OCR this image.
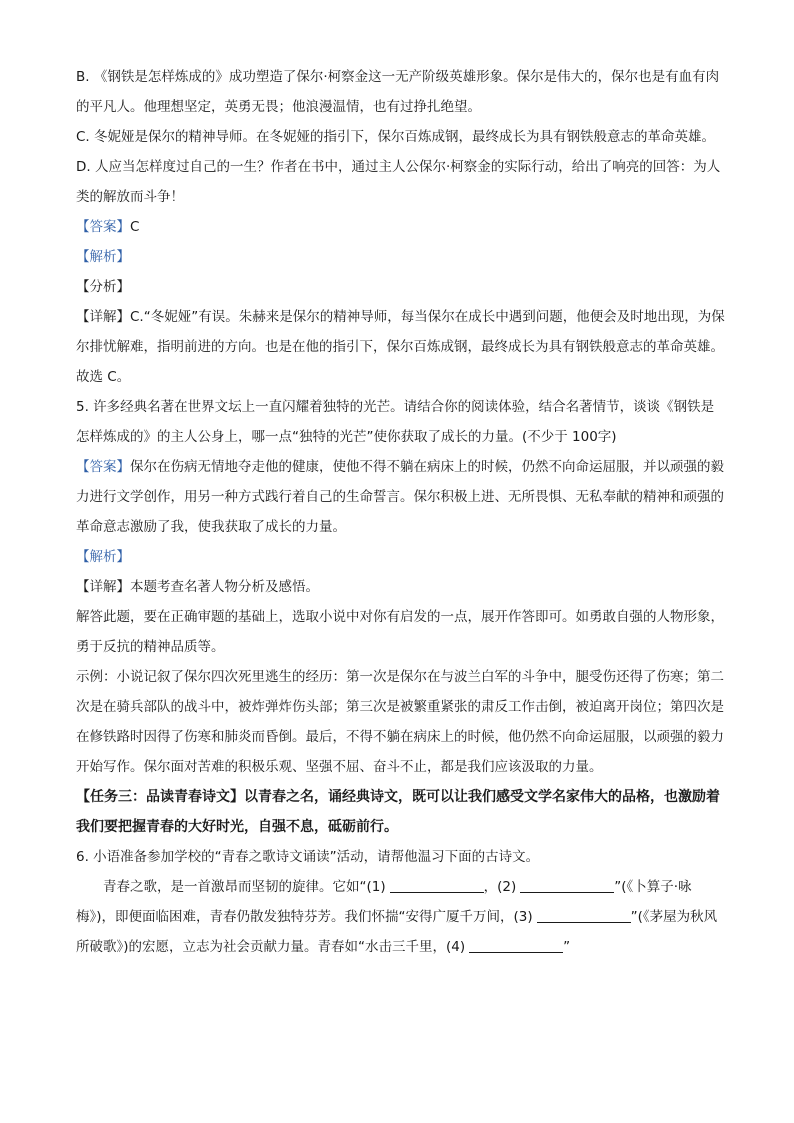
B. 《钢铁是怎样炼成的》成功塑造了保尔·柯察金这一无产阶级英雄形象。保尔是伟大的，保尔也是有血有肉的平凡人。他理想坚定，英勇无畏；他浪漫温情，也有过挣扎绝望。

C. 冬妮娅是保尔的精神导师。在冬妮娅的指引下，保尔百炼成钢，最终成长为具有钢铁般意志的革命英雄。

D. 人应当怎样度过自己的一生？作者在书中，通过主人公保尔·柯察金的实际行动，给出了响亮的回答：为人类的解放而斗争！

【答案】C

【解析】

【分析】

【详解】C.“冬妮娅”有误。朱赫来是保尔的精神导师，每当保尔在成长中遇到问题，他便会及时地出现，为保尔排忧解难，指明前进的方向。也是在他的指引下，保尔百炼成钢，最终成长为具有钢铁般意志的革命英雄。故选 C。

5. 许多经典名著在世界文坛上一直闪耀着独特的光芒。请结合你的阅读体验，结合名著情节，谈谈《钢铁是怎样炼成的》的主人公身上，哪一点“独特的光芒”使你获取了成长的力量。(不少于 100字)

【答案】保尔在伤病无情地夺走他的健康，使他不得不躺在病床上的时候，仍然不向命运屈服，并以顽强的毅力进行文学创作，用另一种方式践行着自己的生命誓言。保尔积极上进、无所畏惧、无私奉献的精神和顽强的革命意志激励了我，使我获取了成长的力量。

【解析】

【详解】本题考查名著人物分析及感悟。

解答此题，要在正确审题的基础上，选取小说中对你有启发的一点，展开作答即可。如勇敢自强的人物形象，勇于反抗的精神品质等。

示例：小说记叙了保尔四次死里逃生的经历：第一次是保尔在与波兰白军的斗争中，腿受伤还得了伤寒；第二次是在骑兵部队的战斗中，被炸弹炸伤头部；第三次是被繁重紧张的肃反工作击倒，被迫离开岗位；第四次是在修铁路时因得了伤寒和肺炎而昏倒。最后，不得不躺在病床上的时候，他仍然不向命运屈服，以顽强的毅力开始写作。保尔面对苦难的积极乐观、坚强不屈、奋斗不止，都是我们应该汲取的力量。

【任务三：品读青春诗文】以青春之名，诵经典诗文，既可以让我们感受文学名家伟大的品格，也激励着我们要把握青春的大好时光，自强不息，砥砺前行。

6. 小语准备参加学校的“青春之歌诗文诵读”活动，请帮他温习下面的古诗文。

青春之歌，是一首激昂而坚韧的旋律。它如“(1)	，(2)	”(《卜算子·咏梅》)，即便面临困难，青春仍散发独特芬芳。我们怀揣“安得广厦千万间，(3)	”(《茅屋为秋风所破歌》)的宏愿，立志为社会贡献力量。青春如“水击三千里，(4)	”
